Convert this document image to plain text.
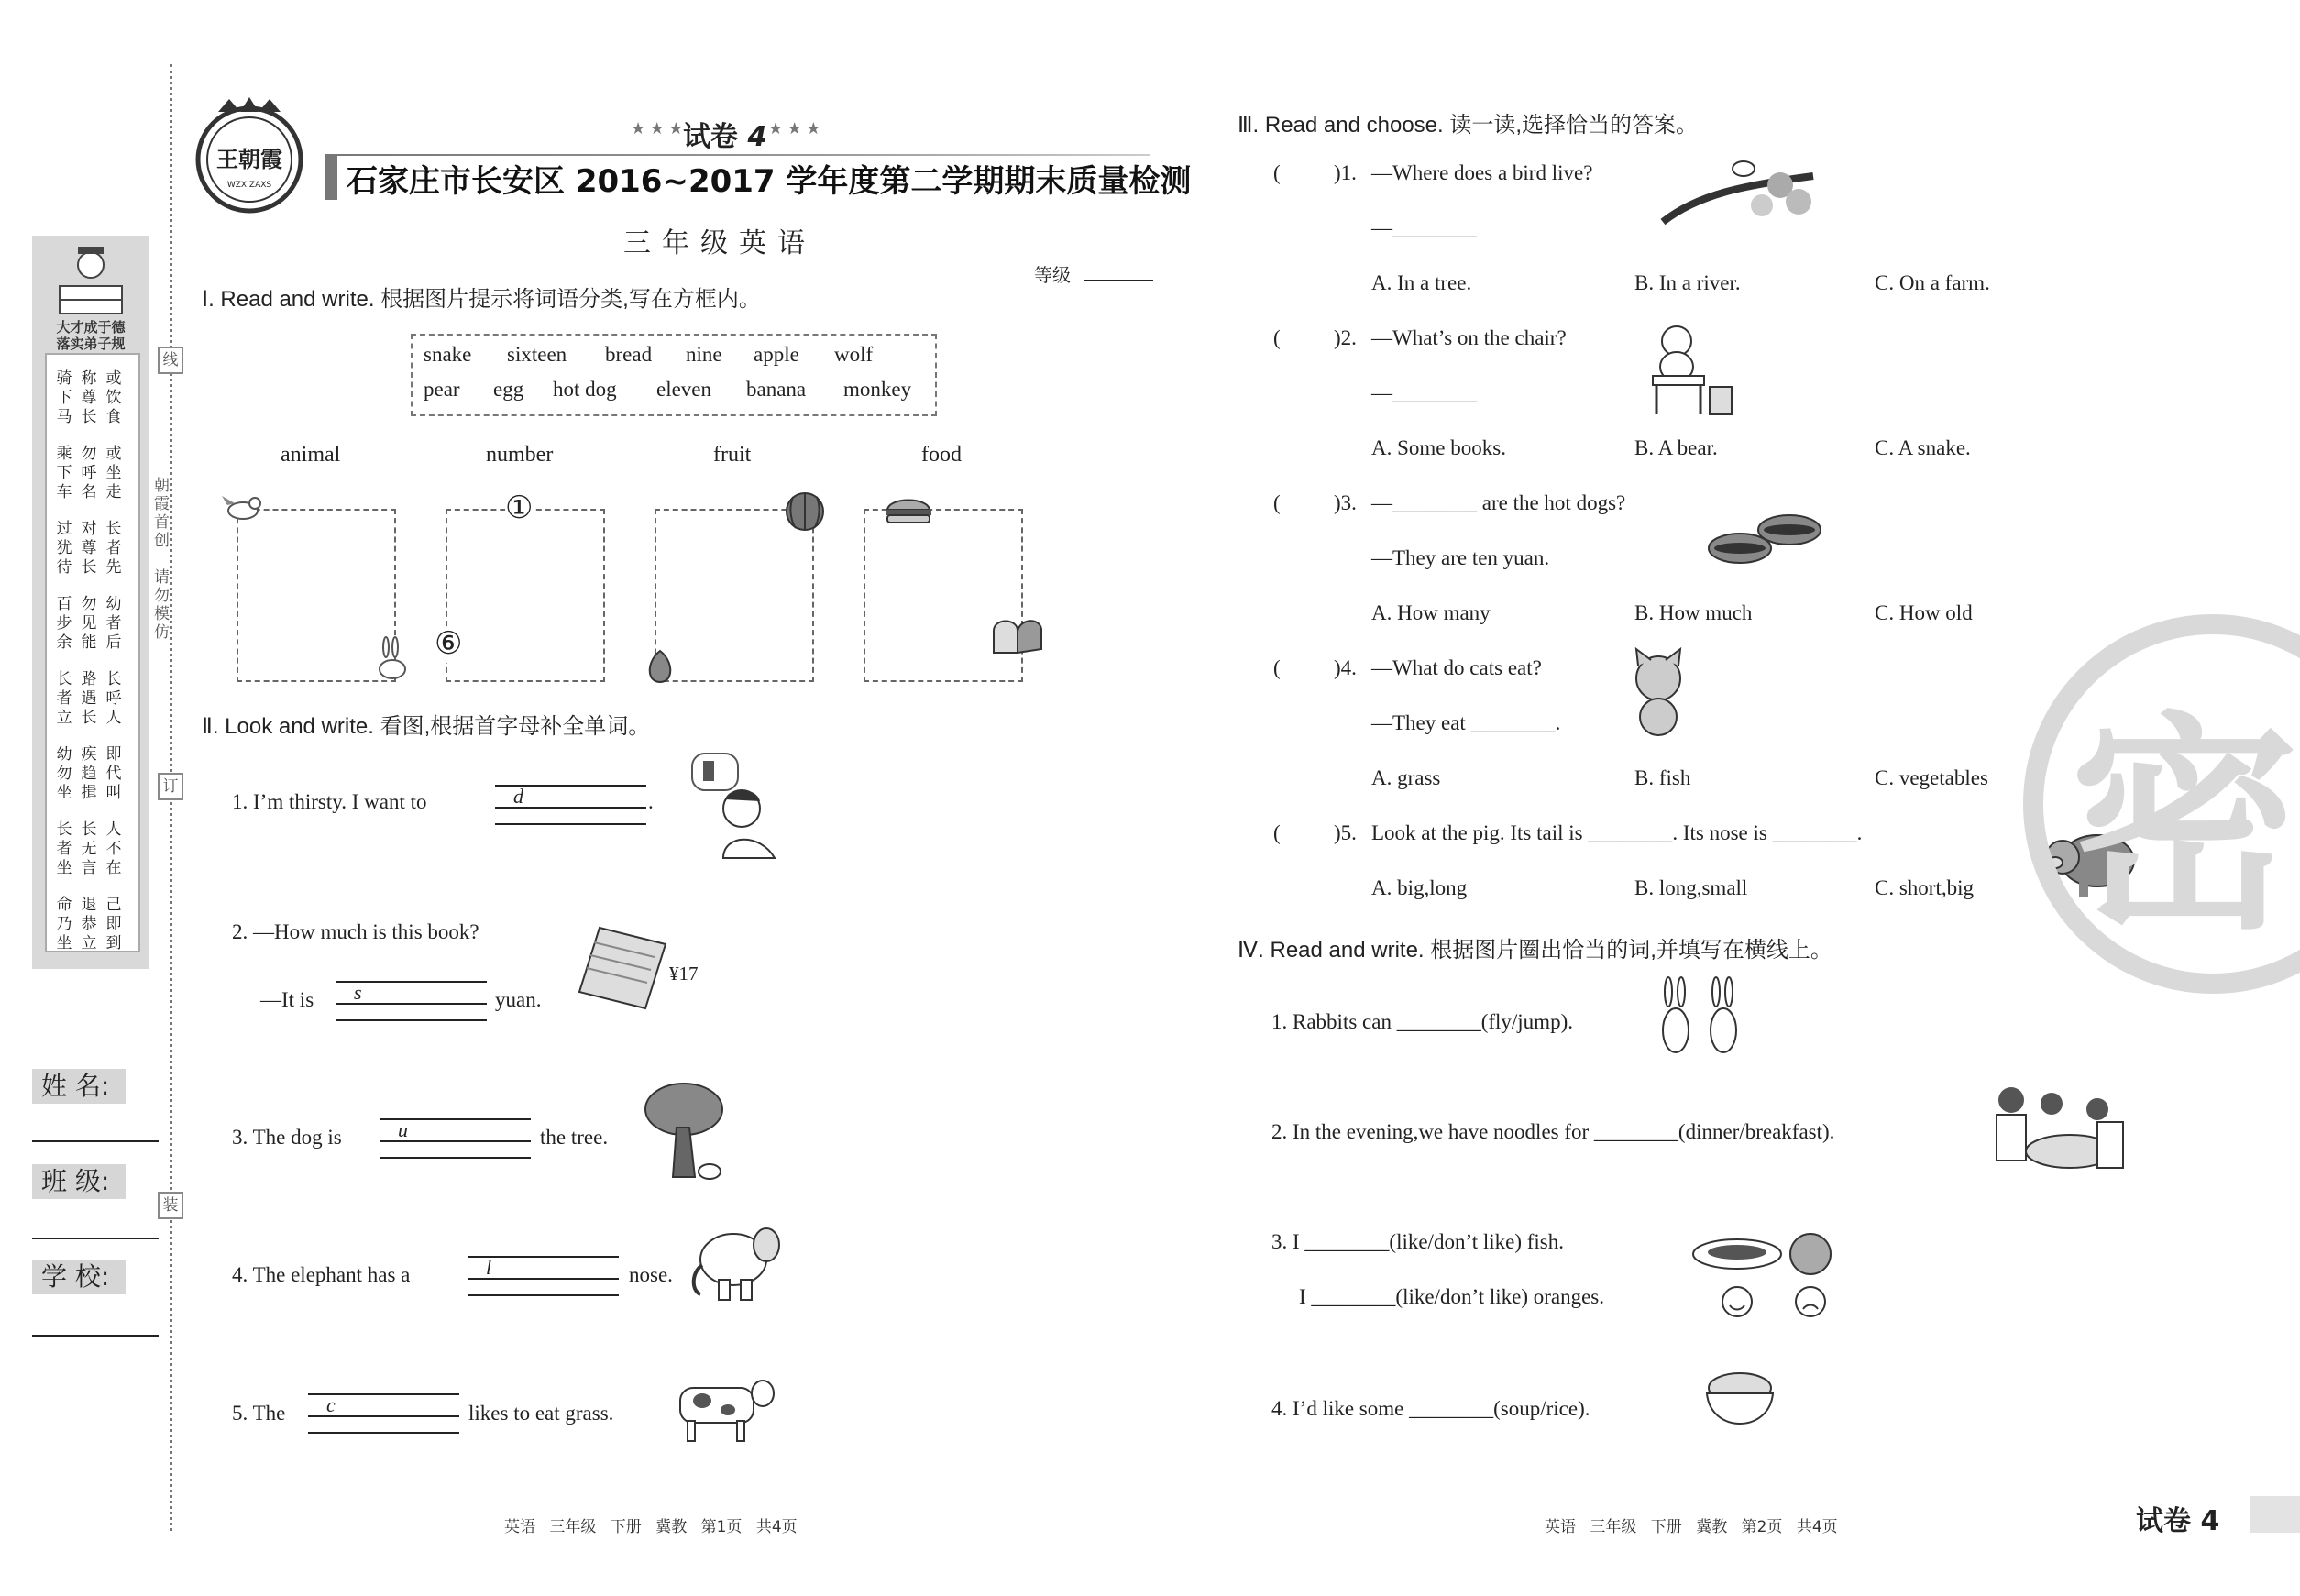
线
订
装
朝霞首创
请勿模仿
大才成于德
落实弟子规
骑下马
称尊长
或饮食
乘下车
勿呼名
或坐走
过犹待
对尊长
长者先
百步余
勿见能
幼者后
长者立
路遇长
长呼人
幼勿坐
疾趋揖
即代叫
长者坐
长无言
人不在
命乃坐
退恭立
己即到
姓 名:
班 级:
学 校:
王朝霞
WZX ZAXS
★ ★ ★ 试卷 4 ★ ★ ★
石家庄市长安区 2016~2017 学年度第二学期期末质量检测
三年级英语
等级
Ⅰ. Read and write. 根据图片提示将词语分类,写在方框内。
snake sixteen bread nine apple wolf
pear egg hot dog eleven banana monkey
animal	number	fruit	food
①
⑥
Ⅱ. Look and write. 看图,根据首字母补全单词。
1. I’m thirsty. I want to	d	.
2. —How much is this book?
—It is s	yuan.
¥17
3. The dog is	u	the tree.
4. The elephant has a	l	nose.
5. The c	likes to eat grass.
英语 三年级 下册 冀教 第1页 共4页
Ⅲ. Read and choose. 读一读,选择恰当的答案。
(	)1. —Where does a bird live?
—________
A. In a tree.	B. In a river.	C. On a farm.
(	)2. —What’s on the chair?
—________
A. Some books.	B. A bear.	C. A snake.
(	)3. —________ are the hot dogs?
—They are ten yuan.
A. How many	B. How much	C. How old
(	)4. —What do cats eat?
—They eat ________.
A. grass	B. fish	C. vegetables
(	)5. Look at the pig. Its tail is ________. Its nose is ________.
A. big,long	B. long,small	C. short,big
Ⅳ. Read and write. 根据图片圈出恰当的词,并填写在横线上。
1. Rabbits can ________(fly/jump).
2. In the evening,we have noodles for ________(dinner/breakfast).
3. I ________(like/don’t like) fish.
I ________(like/don’t like) oranges.
4. I’d like some ________(soup/rice).
密
英语 三年级 下册 冀教 第2页 共4页	试卷 4
